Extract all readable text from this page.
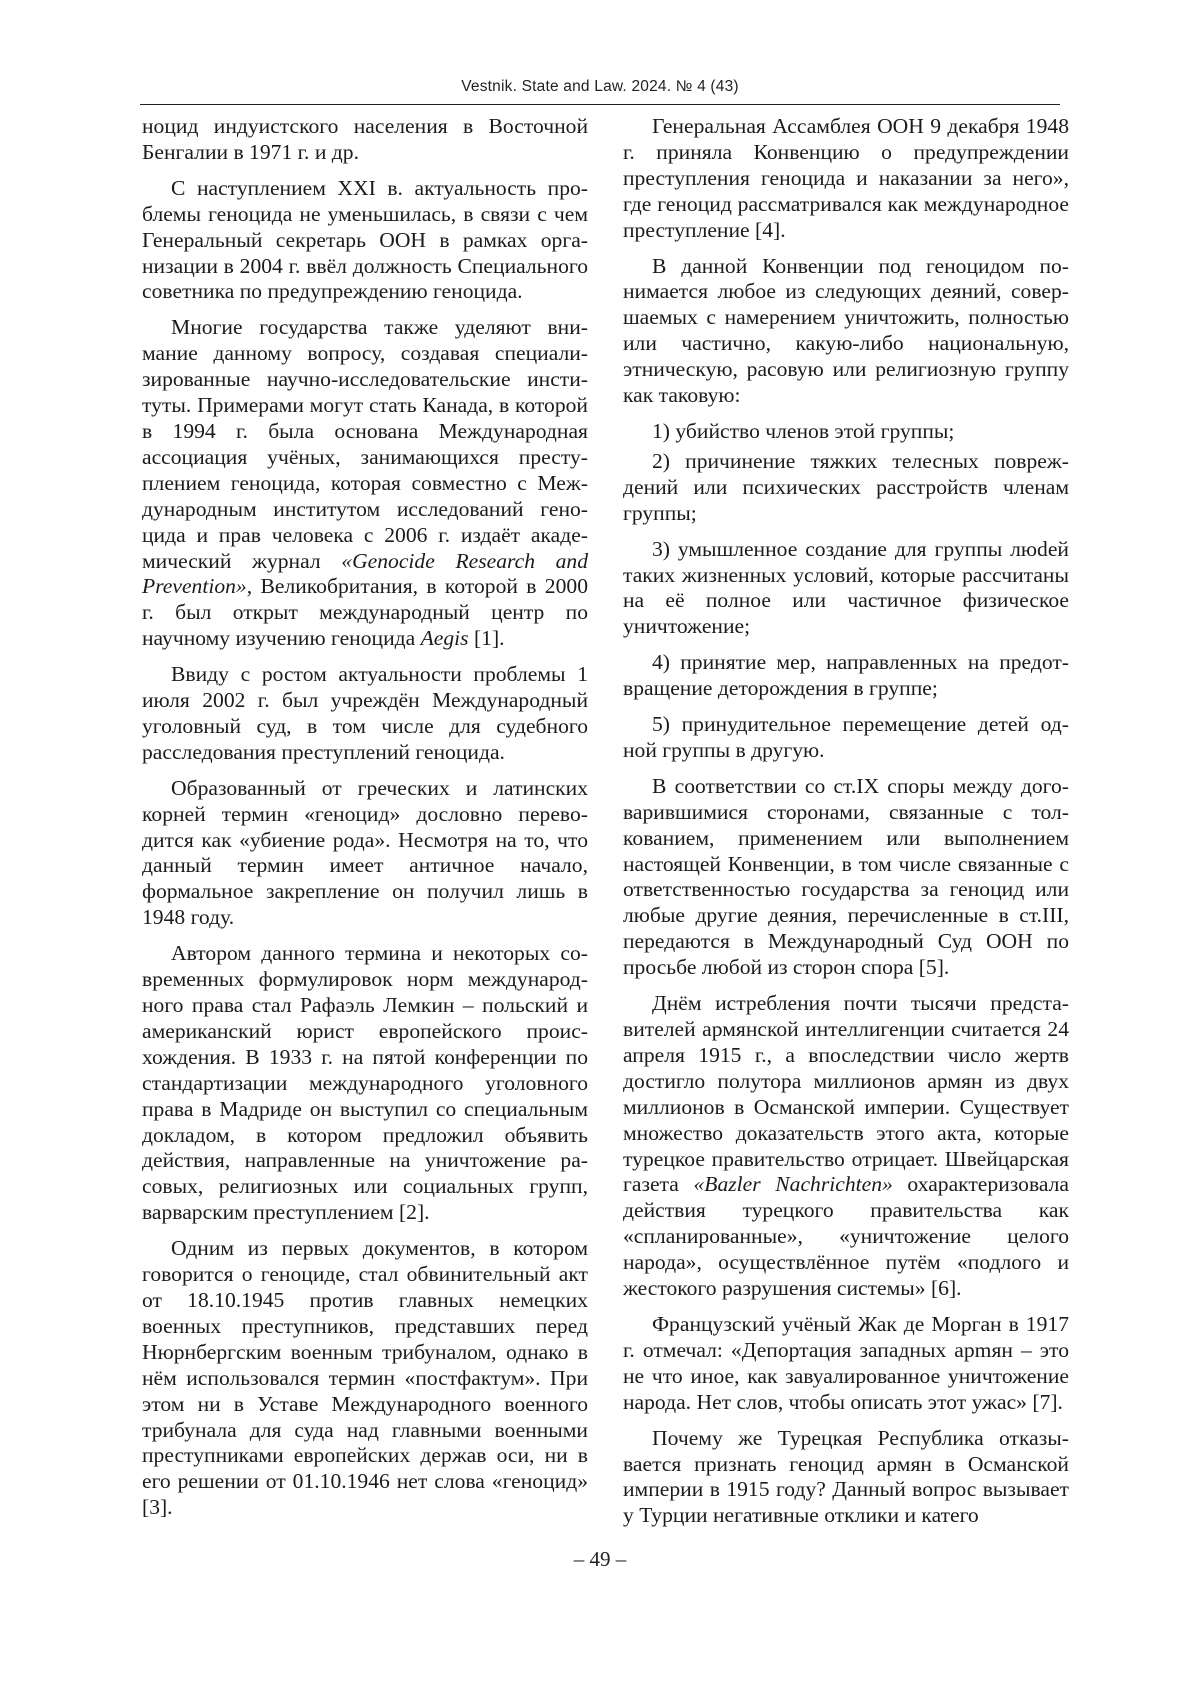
Vestnik. State and Law. 2024. № 4 (43)

ноцид индуистского населения в Восточной Бенгалии в 1971 г. и др.

С наступлением XXI в. актуальность проблемы геноцида не уменьшилась, в связи с чем Генеральный секретарь ООН в рамках организации в 2004 г. ввёл должность Специального советника по предупреждению геноцида.

Многие государства также уделяют внимание данному вопросу, создавая специализированные научно-исследовательские институты. Примерами могут стать Канада, в которой в 1994 г. была основана Международная ассоциация учёных, занимающихся преступлением геноцида, которая совместно с Международным институтом исследований геноцида и прав человека с 2006 г. издаёт академический журнал «Genocide Research and Prevention», Великобритания, в которой в 2000 г. был открыт международный центр по научному изучению геноцида Aegis [1].

Ввиду с ростом актуальности проблемы 1 июля 2002 г. был учреждён Международный уголовный суд, в том числе для судебного расследования преступлений геноцида.

Образованный от греческих и латинских корней термин «геноцид» дословно переводится как «убиение рода». Несмотря на то, что данный термин имеет античное начало, формальное закрепление он получил лишь в 1948 году.

Автором данного термина и некоторых современных формулировок норм международного права стал Рафаэль Лемкин – польский и американский юрист европейского происхождения. В 1933 г. на пятой конференции по стандартизации международного уголовного права в Мадриде он выступил со специальным докладом, в котором предложил объявить действия, направленные на уничтожение расовых, религиозных или социальных групп, варварским преступлением [2].

Одним из первых документов, в котором говорится о геноциде, стал обвинительный акт от 18.10.1945 против главных немецких военных преступников, представших перед Нюрнбергским военным трибуналом, однако в нём использовался термин «постфактум». При этом ни в Уставе Международного военного трибунала для суда над главными военными преступниками европейских держав оси, ни в его решении от 01.10.1946 нет слова «геноцид» [3].

Генеральная Ассамблея ООН 9 декабря 1948 г. приняла Конвенцию о предупреждении преступления геноцида и наказании за него», где геноцид рассматривался как международное преступление [4].

В данной Конвенции под геноцидом понимается любое из следующих деяний, совершаемых с намерением уничтожить, полностью или частично, какую-либо национальную, этническую, расовую или религиозную группу как таковую:

1) убийство членов этой группы;

2) причинение тяжких телесных повреждений или психических расстройств членам группы;

3) умышленное создание для группы люdей таких жизненных условий, которые рассчитаны на её полное или частичное физическое уничтожение;

4) принятие мер, направленных на предотвращение деторождения в группе;

5) принудительное перемещение детей одной группы в другую.

В соответствии со ст.IX споры между договарившимися сторонами, связанные с толкованием, применением или выполнением настоящей Конвенции, в том числе связанные с ответственностью государства за геноцид или любые другие деяния, перечисленные в ст.III, передаются в Международный Суд ООН по просьбе любой из сторон спора [5].

Днём истребления почти тысячи представителей армянской интеллигенции считается 24 апреля 1915 г., а впоследствии число жертв достигло полутора миллионов армян из двух миллионов в Османской империи. Существует множество доказательств этого акта, которые турецкое правительство отрицает. Швейцарская газета «Bazler Nachrichten» охарактеризовала действия турецкого правительства как «спланированные», «уничтожение целого народа», осуществлённое путём «подлого и жестокого разрушения системы» [6].

Французский учёный Жак де Морган в 1917 г. отмечал: «Депортация западных арmян – это не что иное, как завуалированное уничтожение народа. Нет слов, чтобы описать этот ужас» [7].

Почему же Турецкая Республика отказывается признать геноцид армян в Османской империи в 1915 году? Данный вопрос вызывает у Турции негативные отклики и катего

– 49 –
